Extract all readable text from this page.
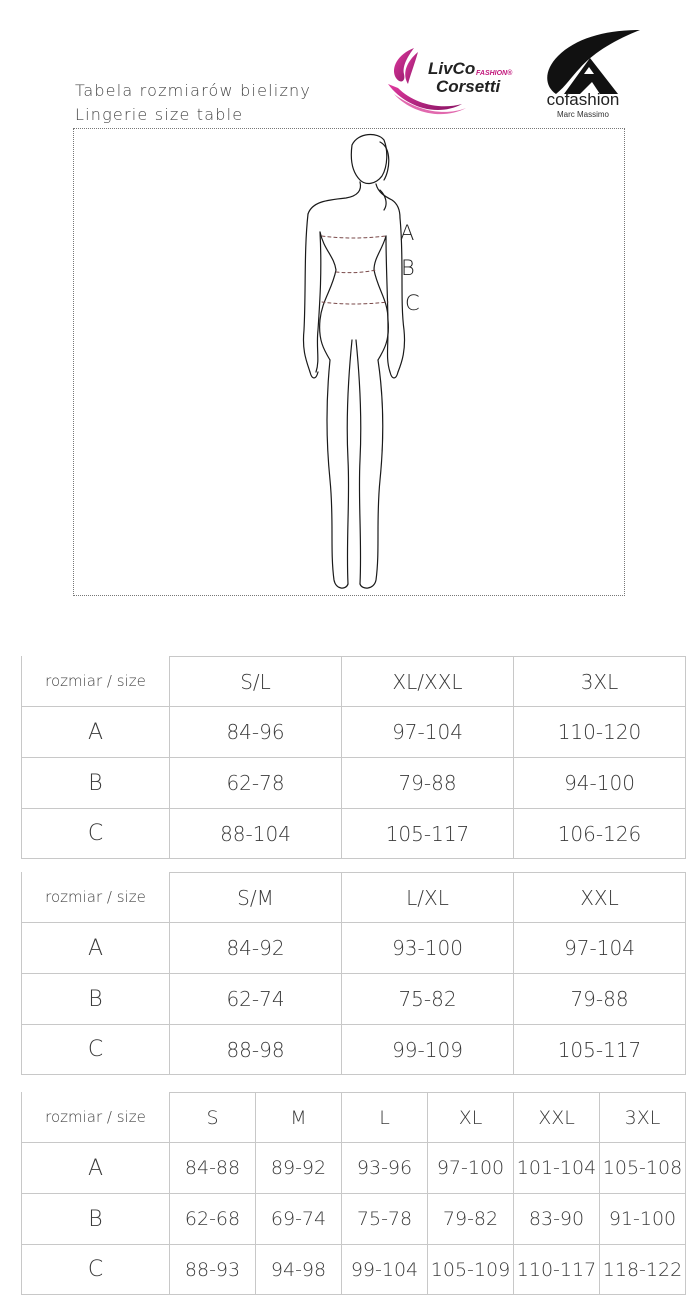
Tabela rozmiarów bielizny
Lingerie size table
LivCo FASHION®
Corsetti
cofashion
Marc Massimo
A
B
C
rozmiar / size	S/L	XL/XXL	3XL
A	84-96	97-104	110-120
B	62-78	79-88	94-100
C	88-104	105-117	106-126
rozmiar / size	S/M	L/XL	XXL
A	84-92	93-100	97-104
B	62-74	75-82	79-88
C	88-98	99-109	105-117
rozmiar / size	S	M	L	XL	XXL	3XL
A	84-88	89-92	93-96	97-100	101-104	105-108
B	62-68	69-74	75-78	79-82	83-90	91-100
C	88-93	94-98	99-104	105-109	110-117	118-122
